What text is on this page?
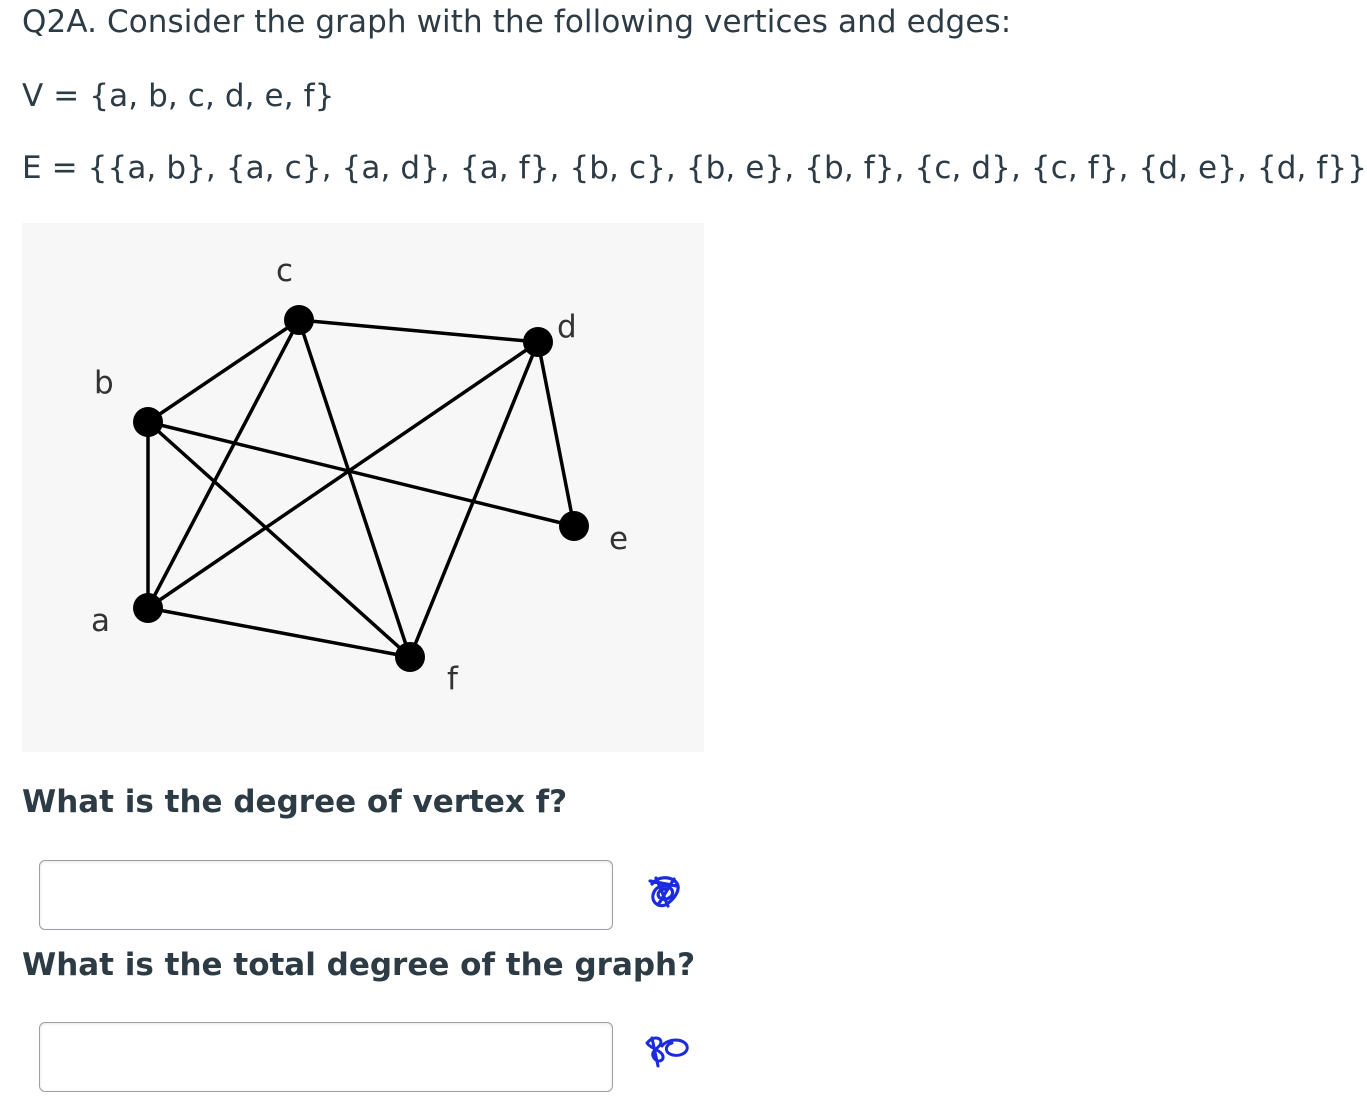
Q2A. Consider the graph with the following vertices and edges:
V = {a, b, c, d, e, f}
E = {{a, b}, {a, c}, {a, d}, {a, f}, {b, c}, {b, e}, {b, f}, {c, d}, {c, f}, {d, e}, {d, f}}
a
b
c
d
e
f
What is the degree of vertex f?
What is the total degree of the graph?
